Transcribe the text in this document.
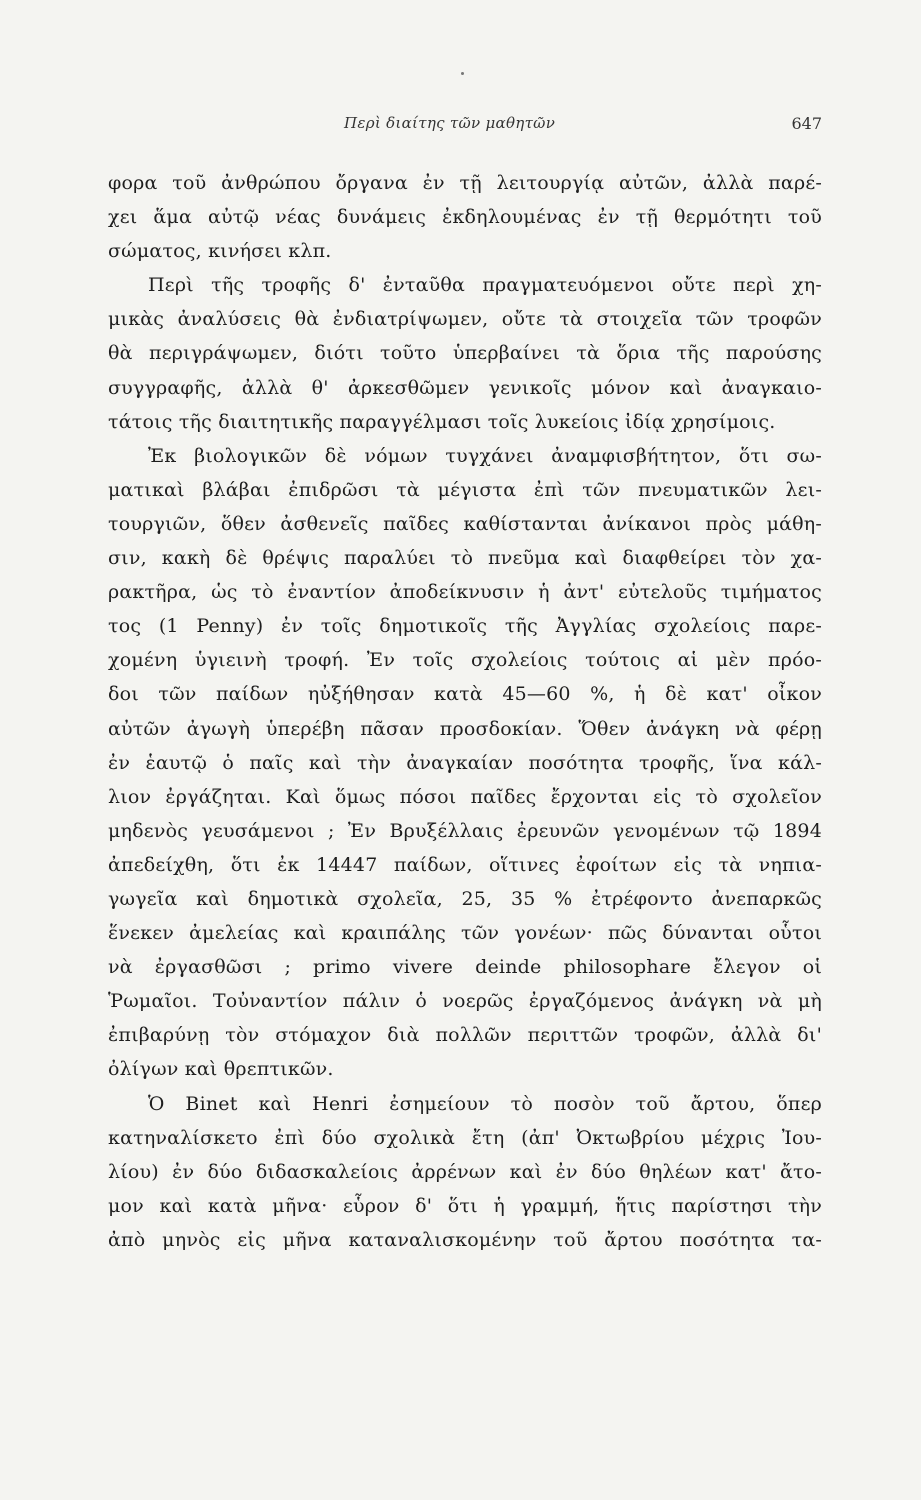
Περὶ διαίτης τῶν μαθητῶν	647
φορα τοῦ ἀνθρώπου ὄργανα ἐν τῇ λειτουργίᾳ αὐτῶν, ἀλλὰ παρέ-
χει ἅμα αὐτῷ νέας δυνάμεις ἐκδηλουμένας ἐν τῇ θερμότητι τοῦ
σώματος, κινήσει κλπ.
Περὶ τῆς τροφῆς δ' ἐνταῦθα πραγματευόμενοι οὔτε περὶ χη-
μικὰς ἀναλύσεις θὰ ἐνδιατρίψωμεν, οὔτε τὰ στοιχεῖα τῶν τροφῶν
θὰ περιγράψωμεν, διότι τοῦτο ὑπερβαίνει τὰ ὅρια τῆς παρούσης
συγγραφῆς, ἀλλὰ θ' ἀρκεσθῶμεν γενικοῖς μόνον καὶ ἀναγκαιο-
τάτοις τῆς διαιτητικῆς παραγγέλμασι τοῖς λυκείοις ἰδίᾳ χρησίμοις.
Ἐκ βιολογικῶν δὲ νόμων τυγχάνει ἀναμφισβήτητον, ὅτι σω-
ματικαὶ βλάβαι ἐπιδρῶσι τὰ μέγιστα ἐπὶ τῶν πνευματικῶν λει-
τουργιῶν, ὅθεν ἀσθενεῖς παῖδες καθίστανται ἀνίκανοι πρὸς μάθη-
σιν, κακὴ δὲ θρέψις παραλύει τὸ πνεῦμα καὶ διαφθείρει τὸν χα-
ρακτῆρα, ὡς τὸ ἐναντίον ἀποδείκνυσιν ἡ ἀντ' εὐτελοῦς τιμήματος
τος (1 Penny) ἐν τοῖς δημοτικοῖς τῆς Ἀγγλίας σχολείοις παρε-
χομένη ὑγιεινὴ τροφή. Ἐν τοῖς σχολείοις τούτοις αἱ μὲν πρόο-
δοι τῶν παίδων ηὐξήθησαν κατὰ 45—60 %, ἡ δὲ κατ' οἶκον
αὐτῶν ἀγωγὴ ὑπερέβη πᾶσαν προσδοκίαν. Ὅθεν ἀνάγκη νὰ φέρῃ
ἐν ἑαυτῷ ὁ παῖς καὶ τὴν ἀναγκαίαν ποσότητα τροφῆς, ἵνα κάλ-
λιον ἐργάζηται. Καὶ ὅμως πόσοι παῖδες ἔρχονται εἰς τὸ σχολεῖον
μηδενὸς γευσάμενοι ; Ἐν Βρυξέλλαις ἐρευνῶν γενομένων τῷ 1894
ἀπεδείχθη, ὅτι ἐκ 14447 παίδων, οἵτινες ἐφοίτων εἰς τὰ νηπια-
γωγεῖα καὶ δημοτικὰ σχολεῖα, 25, 35 % ἐτρέφοντο ἀνεπαρκῶς
ἕνεκεν ἀμελείας καὶ κραιπάλης τῶν γονέων· πῶς δύνανται οὗτοι
νὰ ἐργασθῶσι ; primo vivere deinde philosophare ἔλεγον οἱ
Ῥωμαῖοι. Τοὐναντίον πάλιν ὁ νοερῶς ἐργαζόμενος ἀνάγκη νὰ μὴ
ἐπιβαρύνῃ τὸν στόμαχον διὰ πολλῶν περιττῶν τροφῶν, ἀλλὰ δι'
ὀλίγων καὶ θρεπτικῶν.
Ὁ Binet καὶ Henri ἐσημείουν τὸ ποσὸν τοῦ ἄρτου, ὅπερ
κατηναλίσκετο ἐπὶ δύο σχολικὰ ἔτη (ἀπ' Ὀκτωβρίου μέχρις Ἰου-
λίου) ἐν δύο διδασκαλείοις ἀρρένων καὶ ἐν δύο θηλέων κατ' ἄτο-
μον καὶ κατὰ μῆνα· εὗρον δ' ὅτι ἡ γραμμή, ἥτις παρίστησι τὴν
ἀπὸ μηνὸς εἰς μῆνα καταναλισκομένην τοῦ ἄρτου ποσότητα τα-
